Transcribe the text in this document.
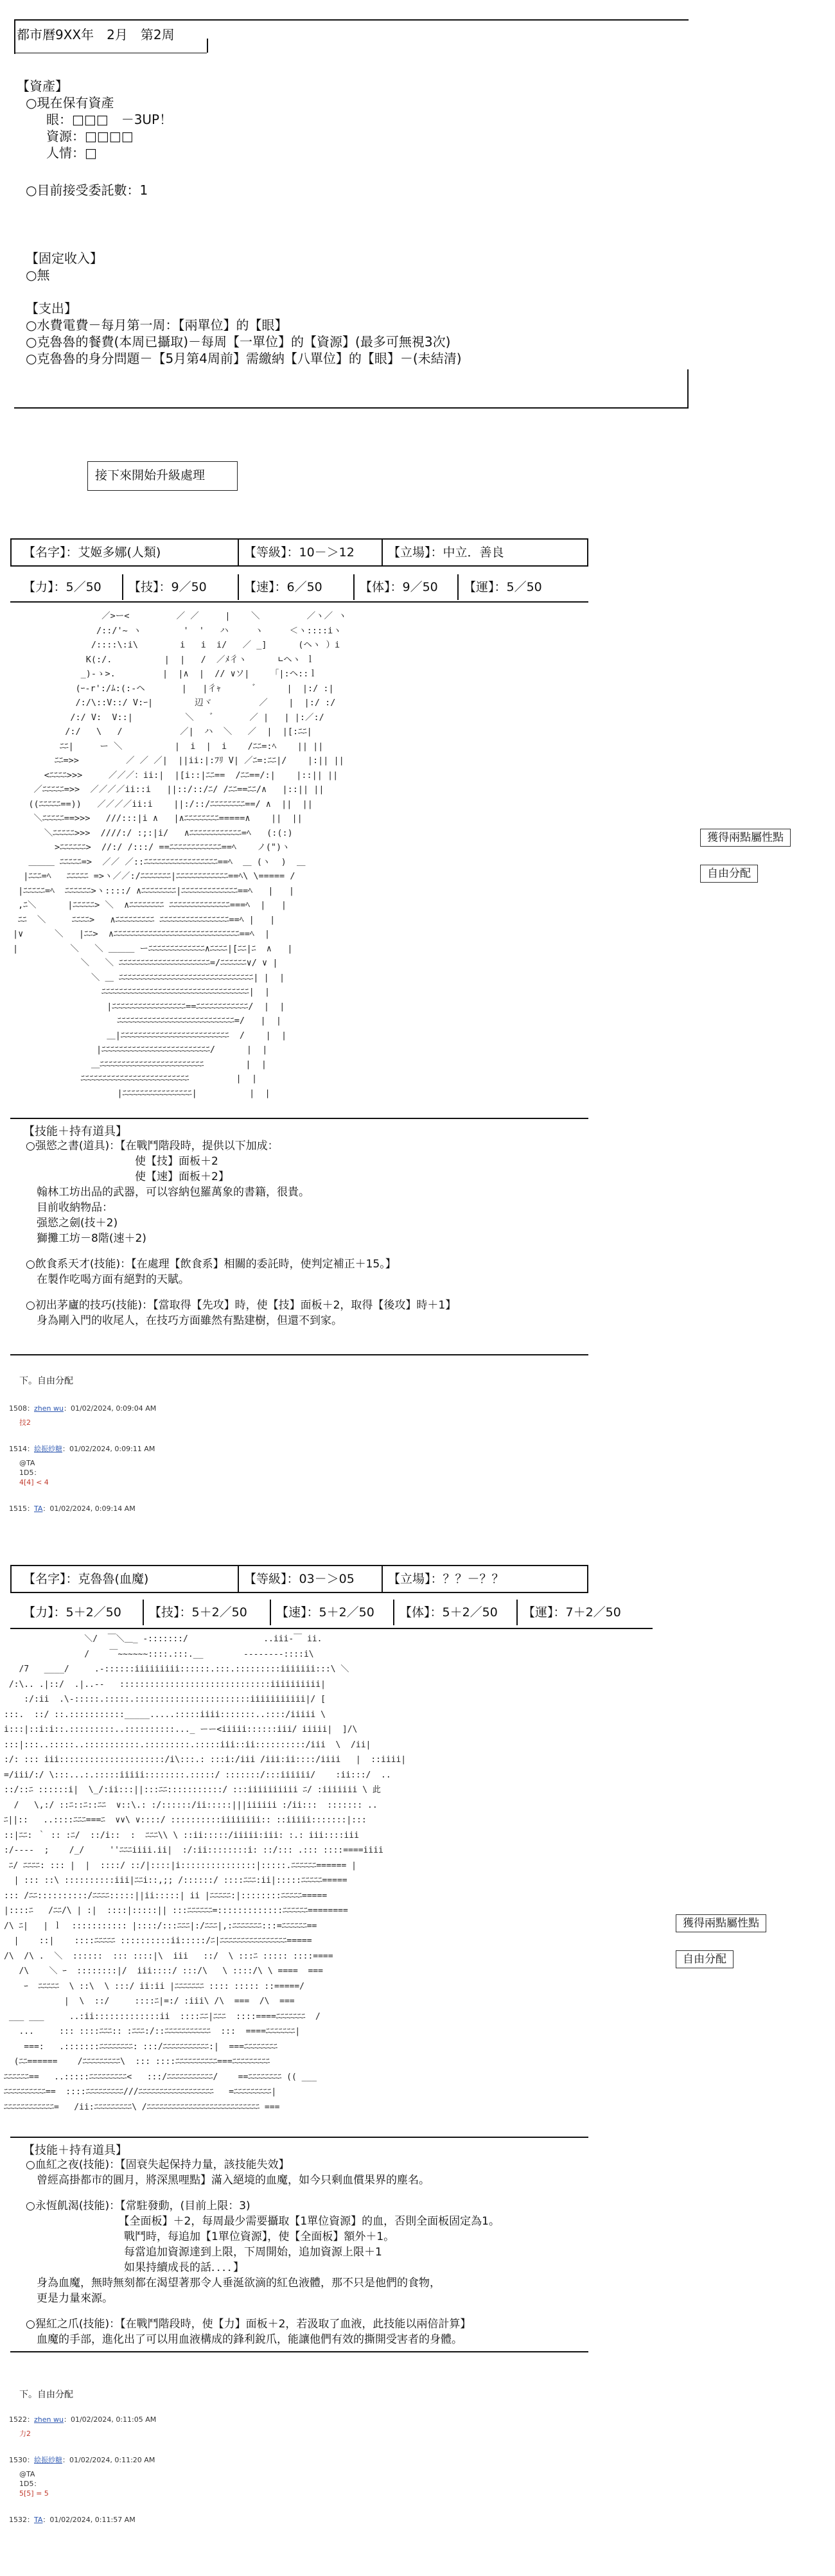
都市曆9XX年　2月　第2周
【資產】
○現在保有資產
眼：□□□　－3UP！
資源：□□□□
人情：□
○目前接受委託數：1
【固定收入】
○無
【支出】
○水費電費－每月第一周：【兩單位】的【眼】
○克魯魯的餐費(本周已攝取)－每周【一單位】的【資源】(最多可無視3次)
○克魯魯的身分問題－【5月第4周前】需繳納【八單位】的【眼】－(未結清)
接下來開始升級處理
【名字】：艾姬多娜(人類)	【等級】：10－＞12	【立場】：中立．善良
【力】：5／50 【技】：9／50	【速】：6／50	【体】：9／50 【運】：5／50
／>ー<         ／ ／     |    ＼         ／ヽ／ ヽ
/::/'~ ヽ        '  '   ハ     ヽ     ＜ヽ::::iヽ
/::::\:i\        i   i  i/   ／ _]      (ヘヽ ）i
K(:/.          |  |   /  ／ﾒ彳ヽ      ∟ヘヽ ｌ
_)-ゝ>.         |  |∧  |  // ∨ソ|    「|:ヘ::ｌ
(ｰ-r':/ﾑ:(:-ヘ       |   |彳ｬ      ゛     |  |:/ :|
/:/\::V::/ V:ｰ|        辺ヾ         ／    |  |:/ :/
/:/ V:  V::|          ＼   ゛      ／ |   | |:／:/
/:/   \   /           ／|  ハ  ＼   ／  |  |[:ﾆﾆ|
ﾆﾆ|     ー ＼          |  i  |  i    /ﾆﾆ=:ﾍ    || ||
ﾆﾆ=>>         ／ ／ ／|  ||ii:|:ﾌﾘ V| ／ﾆ=:ﾆﾆ|/    |:|| ||
<ﾆﾆﾆﾆ>>>     ／／／：ii:|  |[i::|ﾆﾆ==  /ﾆﾆ==/:|    |::|| ||
／ﾆﾆﾆﾆﾆ=>>  ／／／／ii::i   ||::/::/ﾆ/ /ﾆﾆ==ﾆﾆ/∧   |::|| ||
((ﾆﾆﾆﾆﾆ==))   ／／／／ii:i    ||:/::/ﾆﾆﾆﾆﾆﾆﾆﾆ==/ ∧  ||  ||
＼ﾆﾆﾆﾆﾆ==>>>   ///:::|i ∧   |∧ﾆﾆﾆﾆﾆﾆﾆﾆ=====∧    ||  ||
＼ﾆﾆﾆﾆﾆ>>>  ////:/ :;:|i/   ∧ﾆﾆﾆﾆﾆﾆﾆﾆﾆﾆﾆﾆ=ﾍ   (:(:)
>ﾆﾆﾆﾆﾆﾆ>  //:/ /:::/ ==ﾆﾆﾆﾆﾆﾆﾆﾆﾆﾆﾆﾆ==ﾍ    ノ(")ヽ
＿＿＿ ﾆﾆﾆﾆﾆ=>  ／／ ／::ﾆﾆﾆﾆﾆﾆﾆﾆﾆﾆﾆﾆﾆﾆﾆﾆﾆ==ﾍ  ＿ (ヽ  )  ＿
|ﾆﾆﾆ=ﾍ   ﾆﾆﾆﾆﾆ =>ヽ／／:/ﾆﾆﾆﾆﾆﾆﾆ|ﾆﾆﾆﾆﾆﾆﾆﾆﾆﾆﾆﾆ==ﾍ\ \===== /
|ﾆﾆﾆﾆﾆ=ﾍ  ﾆﾆﾆﾆﾆﾆ>ヽ::::/ ∧ﾆﾆﾆﾆﾆﾆﾆﾆ|ﾆﾆﾆﾆﾆﾆﾆﾆﾆﾆﾆﾆﾆ==ﾍ   |   |
,ﾆ＼      |ﾆﾆﾆﾆﾆ> ＼  ∧ﾆﾆﾆﾆﾆﾆﾆﾆ ﾆﾆﾆﾆﾆﾆﾆﾆﾆﾆﾆﾆﾆﾆ===ﾍ  |   |
ﾆﾆ  ＼     ﾆﾆﾆﾆ>   ∧ﾆﾆﾆﾆﾆﾆﾆﾆﾆ ﾆﾆﾆﾆﾆﾆﾆﾆﾆﾆﾆﾆﾆﾆﾆﾆ==ﾍ |   |
|∨      ＼   |ﾆﾆ>  ∧ﾆﾆﾆﾆﾆﾆﾆﾆﾆﾆﾆﾆﾆﾆﾆﾆﾆﾆﾆﾆﾆﾆﾆﾆﾆﾆﾆﾆﾆ==ﾍ  |
|          ＼   ＼ ＿＿＿ ーﾆﾆﾆﾆﾆﾆﾆﾆﾆﾆﾆﾆﾆ∧ﾆﾆﾆﾆ|[ﾆﾆ|ﾆ  ∧   |
＼   ＼ ﾆﾆﾆﾆﾆﾆﾆﾆﾆﾆﾆﾆﾆﾆﾆﾆﾆﾆﾆﾆﾆ=/ﾆﾆﾆﾆﾆﾆ∨/ ∨ |
＼ ＿ ﾆﾆﾆﾆﾆﾆﾆﾆﾆﾆﾆﾆﾆﾆﾆﾆﾆﾆﾆﾆﾆﾆﾆﾆﾆﾆﾆﾆﾆﾆﾆ| |  |
ﾆﾆﾆﾆﾆﾆﾆﾆﾆﾆﾆﾆﾆﾆﾆﾆﾆﾆﾆﾆﾆﾆﾆﾆﾆﾆﾆﾆﾆﾆﾆﾆﾆﾆ|  |
|ﾆﾆﾆﾆﾆﾆﾆﾆﾆﾆﾆﾆﾆﾆﾆﾆﾆ==ﾆﾆﾆﾆﾆﾆﾆﾆﾆﾆﾆﾆ/  |  |
ﾆﾆﾆﾆﾆﾆﾆﾆﾆﾆﾆﾆﾆﾆﾆﾆﾆﾆﾆﾆﾆﾆﾆﾆﾆﾆﾆ=/   |  |
＿|ﾆﾆﾆﾆﾆﾆﾆﾆﾆﾆﾆﾆﾆﾆﾆﾆﾆﾆﾆﾆﾆﾆﾆﾆﾆ  /    |  |
|ﾆﾆﾆﾆﾆﾆﾆﾆﾆﾆﾆﾆﾆﾆﾆﾆﾆﾆﾆﾆﾆﾆﾆﾆﾆ/      |  |
＿ﾆﾆﾆﾆﾆﾆﾆﾆﾆﾆﾆﾆﾆﾆﾆﾆﾆﾆﾆﾆﾆﾆﾆﾆ        |  |
ﾆﾆﾆﾆﾆﾆﾆﾆﾆﾆﾆﾆﾆﾆﾆﾆﾆﾆﾆﾆﾆﾆﾆﾆﾆ         |  |
|ﾆﾆﾆﾆﾆﾆﾆﾆﾆﾆﾆﾆﾆﾆﾆﾆ|          |  |
獲得兩點屬性點
自由分配
【技能＋持有道具】
○强慾之書(道具)：【在戰鬥階段時，提供以下加成：
　　　　　　　　　　使【技】面板＋2
　　　　　　　　　　使【速】面板＋2】
　翰林工坊出品的武器，可以容納包羅萬象的書籍，很貴。
　目前收納物品：
　强慾之劍(技＋2)
　獅攤工坊－8階(速＋2)
○飲食系天才(技能)：【在處理【飲食系】相關的委託時，使判定補正＋15。】
　在製作吃喝方面有絕對的天賦。
○初出茅廬的技巧(技能)：【當取得【先攻】時，使【技】面板＋2，取得【後攻】時＋1】
　身為剛入門的收尾人，在技巧方面雖然有點建樹，但還不到家。
下。自由分配
1508：zhen wu：01/02/2024, 0:09:04 AM
技2
1514：絵振紗糖：01/02/2024, 0:09:11 AM
@TA
1D5：
4[4] < 4
1515：TA：01/02/2024, 0:09:14 AM
【名字】：克魯魯(血魔)	【等級】：03－＞05	【立場】：？？－？？
【力】：5＋2／50 【技】：5＋2／50 【速】：5＋2／50 【体】：5＋2／50 【運】：7＋2／50
＼/  ￣＼＿_ -:::::::/               ..iii-￣ ii.
/    ￣~~~~~~::::.:::.__        --------::::i\
/7   ____/     .-::::::iiiiiiiii::::::.:::.:::::::::iiiiiii:::\ ＼
/:\.. .|::/  .|..--   ::::::::::::::::::::::::::::::iiiiiiiiii|
:/:ii  .\-:::::.:::::.:::::::::::::::::::::::iiiiiiiiiii|/ [
:::.  ::/ ::.:::::::::::_____.....:::::iiii:::::::..::::/iiiii \
i:::|::i:i::.:::::::::..::::::::::..._ ーー<iiiii::::::iii/ iiiii|  ]/\
:::|:::..:::::..:::::::::::.:::::::::.:::::iii::ii::::::::::/iii  \  /ii|
:/: ::: iii:::::::::::::::::::::/i\:::.: :::i:/iii /iii:ii::::/iiii   |  ::iiii|
=/iii/:/ \:::...:.:::::iiiii::::::::.:::::/ :::::::/:::iiiiii/    :ii:::/  ..
::/::ﾆ ::::::i|  \_/:ii:::||:::ﾆﾆ:::::::::::/ :::iiiiiiiiii ﾆ/ :iiiiiii \ 此
/   \,:/ ::ﾆ::ﾆ::ﾆﾆ  ∨::\.: :/::::::/ii:::::|||iiiiii :/ii:::  ::::::: ..
ﾆ||::   ..::::ﾆﾆﾆ===ﾆ  ∨∨\ ∨::::/ ::::::::::iiiiiiii:: ::iiiii:::::::|:::
::|ﾆﾆ: ｀ :: :ﾆ/  ::/i::  :  ﾆﾆﾆ\\ \ ::ii:::::/iiiii:iii: :.: iii::::iii
:/----  ;    /_/     ''ﾆﾆﾆiiii.ii|  :/:ii::::::::i: ::/::: .::: ::::====iiii
ﾆ/ ﾆﾆﾆﾆ: ::: |  |  ::::/ ::/|::::|i:::::::::::::::|:::::.ﾆﾆﾆﾆﾆﾆ====== |
| ::: ::\ ::::::::::iii|ﾆﾆi::,;; /::::::/ ::::ﾆﾆﾆ:ii|:::::ﾆﾆﾆﾆﾆ=====
::: /ﾆﾆ::::::::::/ﾆﾆﾆﾆ:::::||ii:::::| ii |ﾆﾆﾆﾆﾆ:|::::::::ﾆﾆﾆﾆﾆ=====
|::::ﾆ   /ﾆﾆ/\ | :|  ::::|:::::|| :::ﾆﾆﾆﾆﾆﾆ=:::::::::::::ﾆﾆﾆﾆﾆﾆ========
/\ ﾆ|   | ｌ  ::::::::::: |::::/:::ﾆﾆﾆ|:/ﾆﾆﾆ|,:ﾆﾆﾆﾆﾆﾆﾆ:::=ﾆﾆﾆﾆﾆﾆ==
|    ::|    ::::ﾆﾆﾆﾆﾆ ::::::::::ii:::::/ﾆ|ﾆﾆﾆﾆﾆﾆﾆﾆﾆﾆﾆﾆﾆﾆﾆﾆ=====
/\  /\ .  ＼  ::::::  ::: ::::|\  iii   ::/  \ :::ﾆ ::::: ::::====
/\    ＼ ｰ  ::::::::|/  iii::::/ :::/\   \ ::::/\ \ ====  ===
ｰ  ﾆﾆﾆﾆﾆ  \ ::\  \ :::/ ii:ii |ﾆﾆﾆﾆﾆﾆﾆ :::: ::::: ::=====/
|  \  ::/     ::::ﾆ|=:/ :iii\ /\  ===  /\  ===
___ ___     ..:ii:::::::::::::ii  ::::ﾆﾆ|ﾆﾆﾆ  ::::====ﾆﾆﾆﾆﾆﾆﾆ  /
...     ::: ::::ﾆﾆﾆ:: :ﾆﾆﾆ:/::ﾆﾆﾆﾆﾆﾆﾆﾆﾆﾆﾆ  :::  ====ﾆﾆﾆﾆﾆﾆﾆ|
===:   .:::::::ﾆﾆﾆﾆﾆﾆﾆﾆ: :::/ﾆﾆﾆﾆﾆﾆﾆﾆﾆﾆﾆ:|  ===ﾆﾆﾆﾆﾆﾆﾆﾆ
(ﾆﾆ======    /ﾆﾆﾆﾆﾆﾆﾆﾆﾆ\  ::: ::::ﾆﾆﾆﾆﾆﾆﾆﾆﾆﾆ===ﾆﾆﾆﾆﾆﾆﾆﾆﾆ
ﾆﾆﾆﾆﾆﾆ==   ..:::::ﾆﾆﾆﾆﾆﾆﾆﾆﾆ<   :::/ﾆﾆﾆﾆﾆﾆﾆﾆﾆﾆﾆ/    ==ﾆﾆﾆﾆﾆﾆﾆﾆ (( ___
ﾆﾆﾆﾆﾆﾆﾆﾆﾆﾆ==  ::::ﾆﾆﾆﾆﾆﾆﾆﾆﾆ///ﾆﾆﾆﾆﾆﾆﾆﾆﾆﾆﾆﾆﾆﾆﾆﾆﾆﾆ   =ﾆﾆﾆﾆﾆﾆﾆﾆﾆ|
ﾆﾆﾆﾆﾆﾆﾆﾆﾆﾆﾆﾆ=   /ii:ﾆﾆﾆﾆﾆﾆﾆﾆﾆ\ /ﾆﾆﾆﾆﾆﾆﾆﾆﾆﾆﾆﾆﾆﾆﾆﾆﾆﾆﾆﾆﾆﾆﾆﾆﾆﾆﾆ ===
獲得兩點屬性點
自由分配
【技能＋持有道具】
○血紅之夜(技能)：【固衰失起保持力量，該技能失效】
　曾經高掛都市的圓月，將深黑哩點】滿入絕境的血魔，如今只剩血償果界的塵名。
○永恆飢渴(技能)：【常駐發動，(目前上限：3)
　　　　　　　　　【全面板】＋2，每周最少需要攝取【1單位資源】的血，否則全面板固定為1。
　　　　　　　　　戰鬥時，每追加【1單位資源】，使【全面板】額外＋1。
　　　　　　　　　每當追加資源達到上限，下周開始，追加資源上限＋1
　　　　　　　　　如果持續成長的話．．．．】
　身為血魔，無時無刻都在渴望著那令人垂涎欲滴的紅色液體，那不只是他們的食物，
　更是力量來源。
○猩紅之爪(技能)：【在戰鬥階段時，使【力】面板＋2，若汲取了血液，此技能以兩倍計算】
　血魔的手部，進化出了可以用血液構成的鋒利銳爪，能讓他們有效的撕開受害者的身體。
下。自由分配
1522：zhen wu：01/02/2024, 0:11:05 AM
力2
1530：絵振紗糖：01/02/2024, 0:11:20 AM
@TA
1D5：
5[5] = 5
1532：TA：01/02/2024, 0:11:57 AM
